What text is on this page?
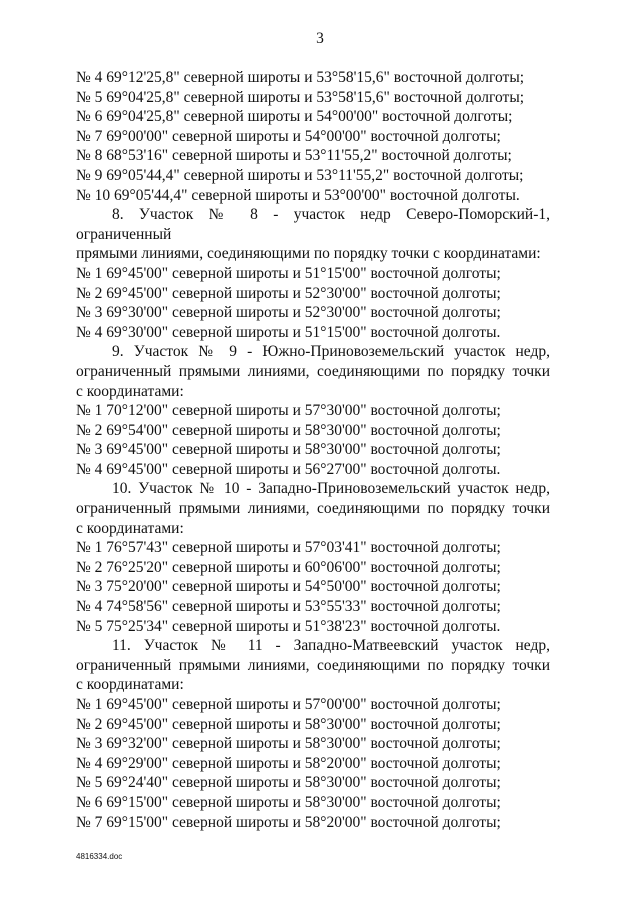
3

№ 4 69°12'25,8" северной широты и 53°58'15,6" восточной долготы;

№ 5 69°04'25,8" северной широты и 53°58'15,6" восточной долготы;

№ 6 69°04'25,8" северной широты и 54°00'00" восточной долготы;

№ 7 69°00'00" северной широты и 54°00'00" восточной долготы;

№ 8 68°53'16" северной широты и 53°11'55,2" восточной долготы;

№ 9 69°05'44,4" северной широты и 53°11'55,2" восточной долготы;

№ 10 69°05'44,4" северной широты и 53°00'00" восточной долготы.

8. Участок № 8 - участок недр Северо-Поморский-1, ограниченный
прямыми линиями, соединяющими по порядку точки с координатами:

№ 1 69°45'00" северной широты и 51°15'00" восточной долготы;

№ 2 69°45'00" северной широты и 52°30'00" восточной долготы;

№ 3 69°30'00" северной широты и 52°30'00" восточной долготы;

№ 4 69°30'00" северной широты и 51°15'00" восточной долготы.

9. Участок № 9 - Южно-Приновоземельский участок недр,
ограниченный прямыми линиями, соединяющими по порядку точки
с координатами:

№ 1 70°12'00" северной широты и 57°30'00" восточной долготы;

№ 2 69°54'00" северной широты и 58°30'00" восточной долготы;

№ 3 69°45'00" северной широты и 58°30'00" восточной долготы;

№ 4 69°45'00" северной широты и 56°27'00" восточной долготы.

10. Участок № 10 - Западно-Приновоземельский участок недр,
ограниченный прямыми линиями, соединяющими по порядку точки
с координатами:

№ 1 76°57'43" северной широты и 57°03'41" восточной долготы;

№ 2 76°25'20" северной широты и 60°06'00" восточной долготы;

№ 3 75°20'00" северной широты и 54°50'00" восточной долготы;

№ 4 74°58'56" северной широты и 53°55'33" восточной долготы;

№ 5 75°25'34" северной широты и 51°38'23" восточной долготы.

11. Участок № 11 - Западно-Матвеевский участок недр,
ограниченный прямыми линиями, соединяющими по порядку точки
с координатами:

№ 1 69°45'00" северной широты и 57°00'00" восточной долготы;

№ 2 69°45'00" северной широты и 58°30'00" восточной долготы;

№ 3 69°32'00" северной широты и 58°30'00" восточной долготы;

№ 4 69°29'00" северной широты и 58°20'00" восточной долготы;

№ 5 69°24'40" северной широты и 58°30'00" восточной долготы;

№ 6 69°15'00" северной широты и 58°30'00" восточной долготы;

№ 7 69°15'00" северной широты и 58°20'00" восточной долготы;

4816334.doc
